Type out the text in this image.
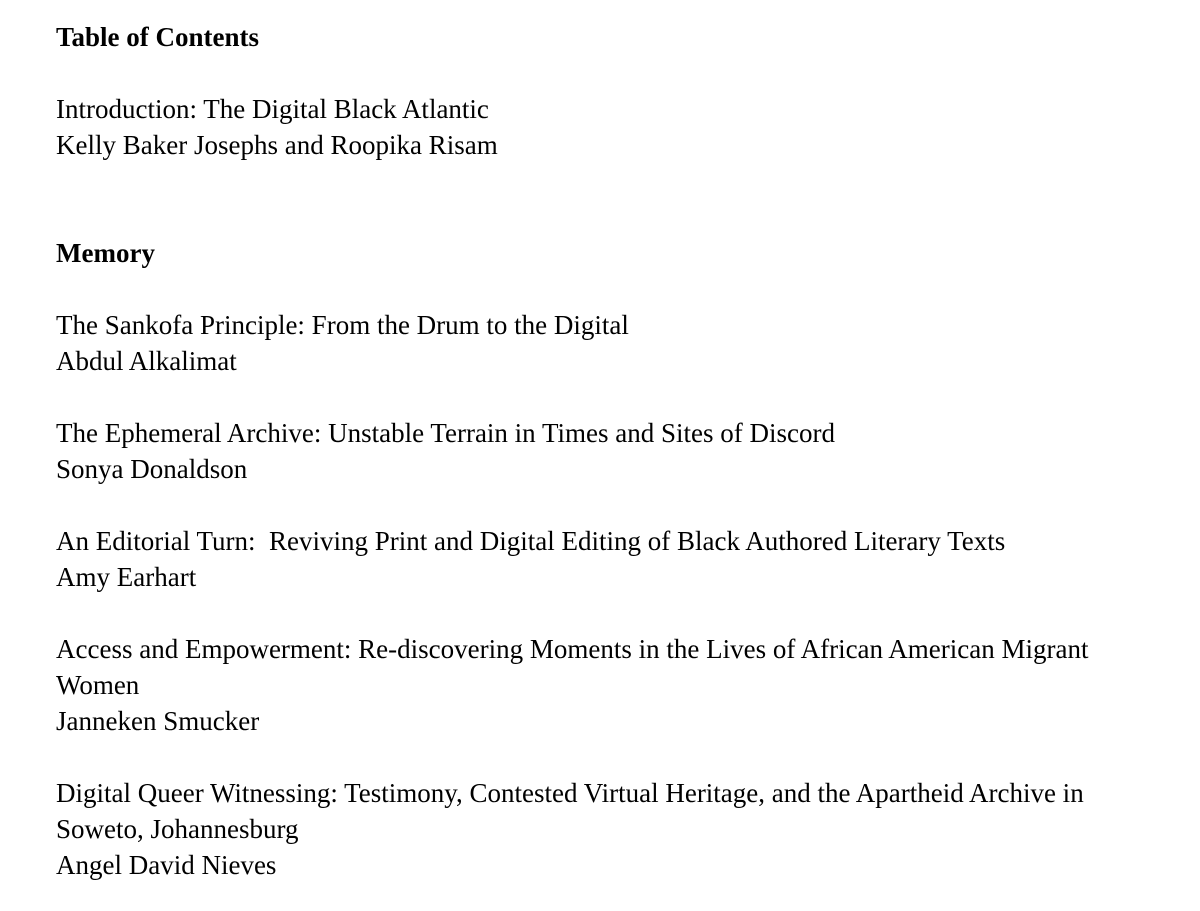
Table of Contents
Introduction: The Digital Black Atlantic
Kelly Baker Josephs and Roopika Risam
Memory
The Sankofa Principle: From the Drum to the Digital
Abdul Alkalimat
The Ephemeral Archive: Unstable Terrain in Times and Sites of Discord
Sonya Donaldson
An Editorial Turn:  Reviving Print and Digital Editing of Black Authored Literary Texts
Amy Earhart
Access and Empowerment: Re-discovering Moments in the Lives of African American Migrant Women
Janneken Smucker
Digital Queer Witnessing: Testimony, Contested Virtual Heritage, and the Apartheid Archive in Soweto, Johannesburg
Angel David Nieves
